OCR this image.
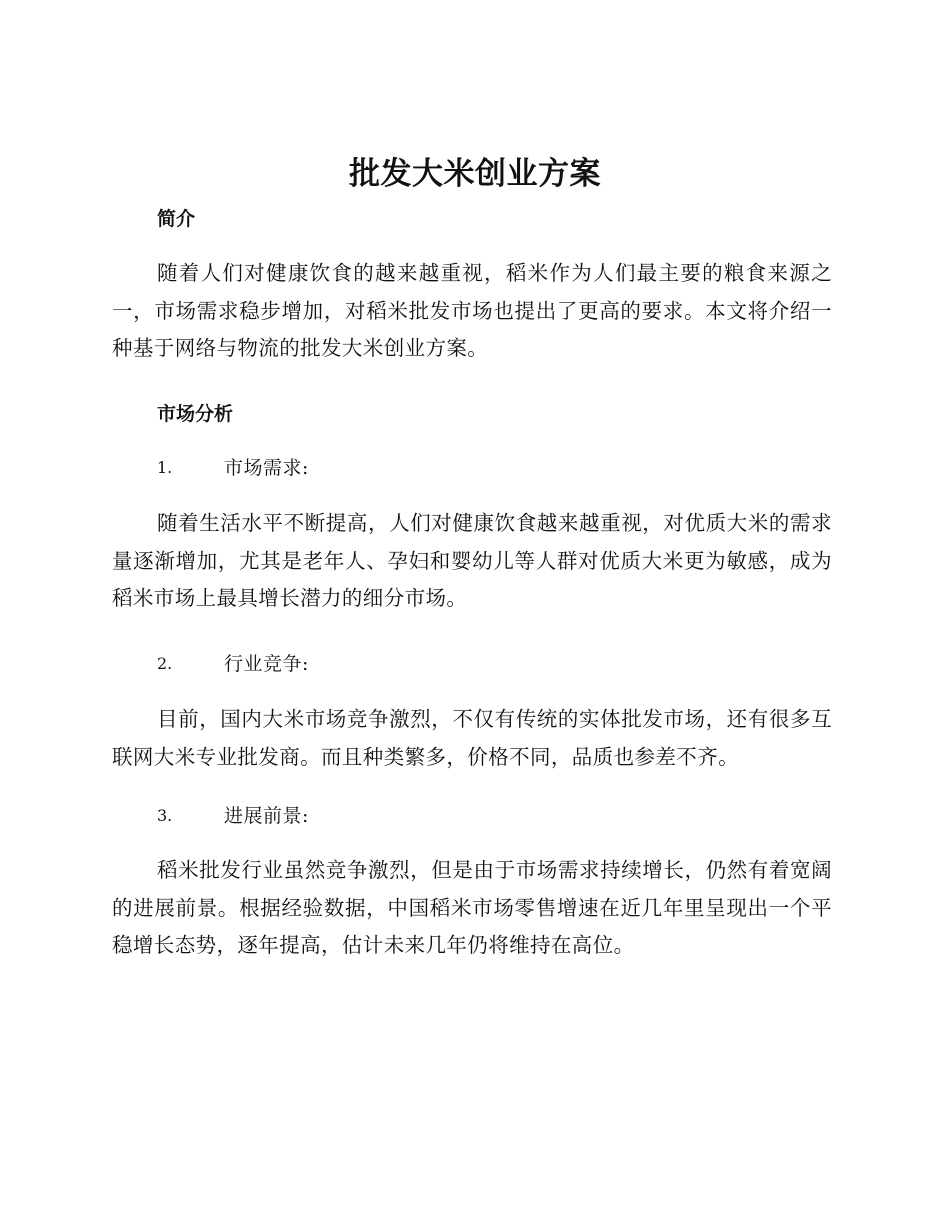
批发大米创业方案
简介

随着人们对健康饮食的越来越重视，稻米作为人们最主要的粮食来源之一，市场需求稳步增加，对稻米批发市场也提出了更高的要求。本文将介绍一种基于网络与物流的批发大米创业方案。

市场分析
1.	市场需求:

随着生活水平不断提高，人们对健康饮食越来越重视，对优质大米的需求量逐渐增加，尤其是老年人、孕妇和婴幼儿等人群对优质大米更为敏感，成为稻米市场上最具增长潜力的细分市场。

2.	行业竞争:

目前，国内大米市场竞争激烈，不仅有传统的实体批发市场，还有很多互联网大米专业批发商。而且种类繁多，价格不同，品质也参差不齐。

3.	进展前景:

稻米批发行业虽然竞争激烈，但是由于市场需求持续增长，仍然有着宽阔的进展前景。根据经验数据，中国稻米市场零售增速在近几年里呈现出一个平稳增长态势，逐年提高，估计未来几年仍将维持在高位。
